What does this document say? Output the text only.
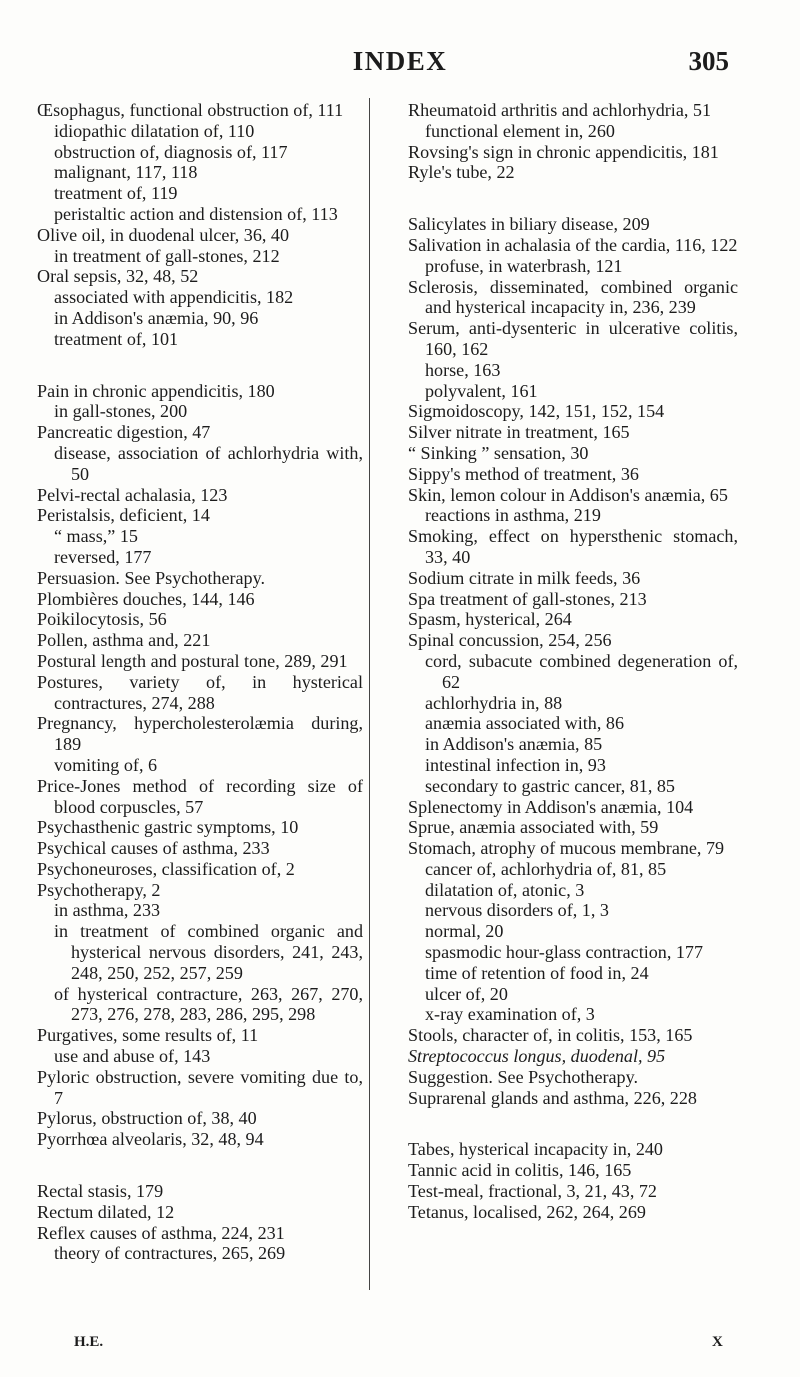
INDEX	305

Œsophagus, functional obstruction of, 111

idiopathic dilatation of, 110

obstruction of, diagnosis of, 117

malignant, 117, 118

treatment of, 119

peristaltic action and distension of, 113

Olive oil, in duodenal ulcer, 36, 40

in treatment of gall-stones, 212

Oral sepsis, 32, 48, 52

associated with appendicitis, 182

in Addison's anæmia, 90, 96

treatment of, 101

Pain in chronic appendicitis, 180

in gall-stones, 200

Pancreatic digestion, 47

disease, association of achlorhydria with, 50

Pelvi-rectal achalasia, 123

Peristalsis, deficient, 14

“ mass,” 15

reversed, 177

Persuasion. See Psychotherapy.

Plombières douches, 144, 146

Poikilocytosis, 56

Pollen, asthma and, 221

Postural length and postural tone, 289, 291

Postures, variety of, in hysterical contractures, 274, 288

Pregnancy, hypercholesterolæmia during, 189

vomiting of, 6

Price-Jones method of recording size of blood corpuscles, 57

Psychasthenic gastric symptoms, 10

Psychical causes of asthma, 233

Psychoneuroses, classification of, 2

Psychotherapy, 2

in asthma, 233

in treatment of combined organic and hysterical nervous disorders, 241, 243, 248, 250, 252, 257, 259

of hysterical contracture, 263, 267, 270, 273, 276, 278, 283, 286, 295, 298

Purgatives, some results of, 11

use and abuse of, 143

Pyloric obstruction, severe vomiting due to, 7

Pylorus, obstruction of, 38, 40

Pyorrhœa alveolaris, 32, 48, 94

Rectal stasis, 179

Rectum dilated, 12

Reflex causes of asthma, 224, 231

theory of contractures, 265, 269

Rheumatoid arthritis and achlorhydria, 51

functional element in, 260

Rovsing's sign in chronic appendicitis, 181

Ryle's tube, 22

Salicylates in biliary disease, 209

Salivation in achalasia of the cardia, 116, 122

profuse, in waterbrash, 121

Sclerosis, disseminated, combined organic and hysterical incapacity in, 236, 239

Serum, anti-dysenteric in ulcerative colitis, 160, 162

horse, 163

polyvalent, 161

Sigmoidoscopy, 142, 151, 152, 154

Silver nitrate in treatment, 165

“ Sinking ” sensation, 30

Sippy's method of treatment, 36

Skin, lemon colour in Addison's anæmia, 65

reactions in asthma, 219

Smoking, effect on hypersthenic stomach, 33, 40

Sodium citrate in milk feeds, 36

Spa treatment of gall-stones, 213

Spasm, hysterical, 264

Spinal concussion, 254, 256

cord, subacute combined degeneration of, 62

achlorhydria in, 88

anæmia associated with, 86

in Addison's anæmia, 85

intestinal infection in, 93

secondary to gastric cancer, 81, 85

Splenectomy in Addison's anæmia, 104

Sprue, anæmia associated with, 59

Stomach, atrophy of mucous membrane, 79

cancer of, achlorhydria of, 81, 85

dilatation of, atonic, 3

nervous disorders of, 1, 3

normal, 20

spasmodic hour-glass contraction, 177

time of retention of food in, 24

ulcer of, 20

x-ray examination of, 3

Stools, character of, in colitis, 153, 165

Streptococcus longus, duodenal, 95

Suggestion. See Psychotherapy.

Suprarenal glands and asthma, 226, 228

Tabes, hysterical incapacity in, 240

Tannic acid in colitis, 146, 165

Test-meal, fractional, 3, 21, 43, 72

Tetanus, localised, 262, 264, 269

H.E.	X
